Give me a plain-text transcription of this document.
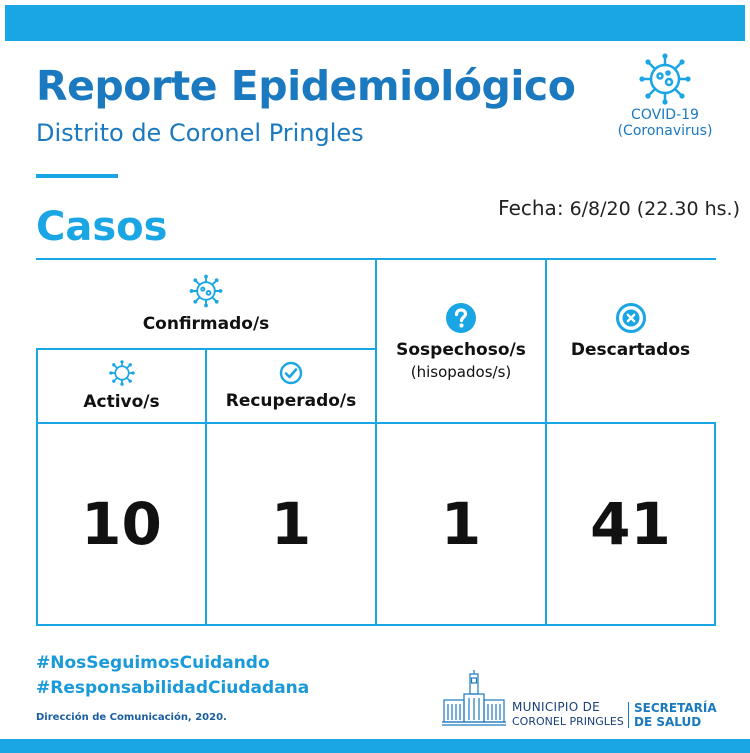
Reporte Epidemiológico

Distrito de Coronel Pringles

COVID-19
(Coronavirus)
Fecha: 6/8/20 (22.30 hs.)
Casos
Confirmado/s
Activo/s	Recuperado/s
Sospechoso/s
(hisopados/s)
Descartados
10 1 1 41
#NosSeguimosCuidando
#ResponsabilidadCiudadana
Dirección de Comunicación, 2020.
MUNICIPIO DE
CORONEL PRINGLES
SECRETARÍA
DE SALUD
